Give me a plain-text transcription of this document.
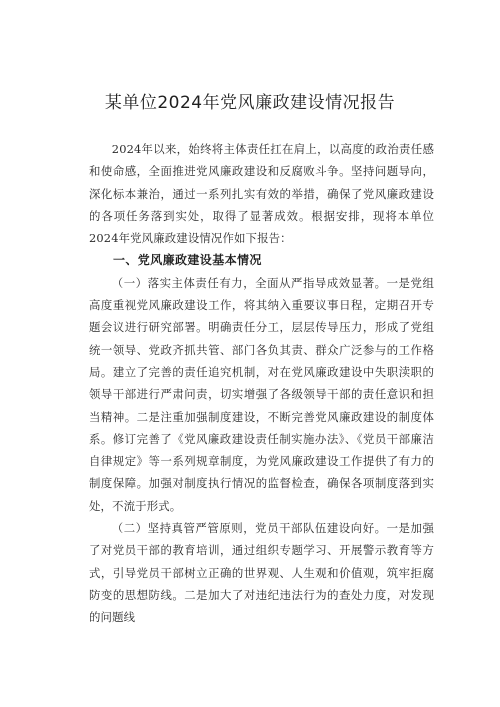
某单位2024年党风廉政建设情况报告

2024年以来，始终将主体责任扛在肩上，以高度的政治责任感和使命感，全面推进党风廉政建设和反腐败斗争。坚持问题导向，深化标本兼治，通过一系列扎实有效的举措，确保了党风廉政建设的各项任务落到实处，取得了显著成效。根据安排，现将本单位2024年党风廉政建设情况作如下报告：

一、党风廉政建设基本情况

（一）落实主体责任有力，全面从严指导成效显著。一是党组高度重视党风廉政建设工作，将其纳入重要议事日程，定期召开专题会议进行研究部署。明确责任分工，层层传导压力，形成了党组统一领导、党政齐抓共管、部门各负其责、群众广泛参与的工作格局。建立了完善的责任追究机制，对在党风廉政建设中失职渎职的领导干部进行严肃问责，切实增强了各级领导干部的责任意识和担当精神。二是注重加强制度建设，不断完善党风廉政建设的制度体系。修订完善了《党风廉政建设责任制实施办法》、《党员干部廉洁自律规定》等一系列规章制度，为党风廉政建设工作提供了有力的制度保障。加强对制度执行情况的监督检查，确保各项制度落到实处，不流于形式。

（二）坚持真管严管原则，党员干部队伍建设向好。一是加强了对党员干部的教育培训，通过组织专题学习、开展警示教育等方式，引导党员干部树立正确的世界观、人生观和价值观，筑牢拒腐防变的思想防线。二是加大了对违纪违法行为的查处力度，对发现的问题线
